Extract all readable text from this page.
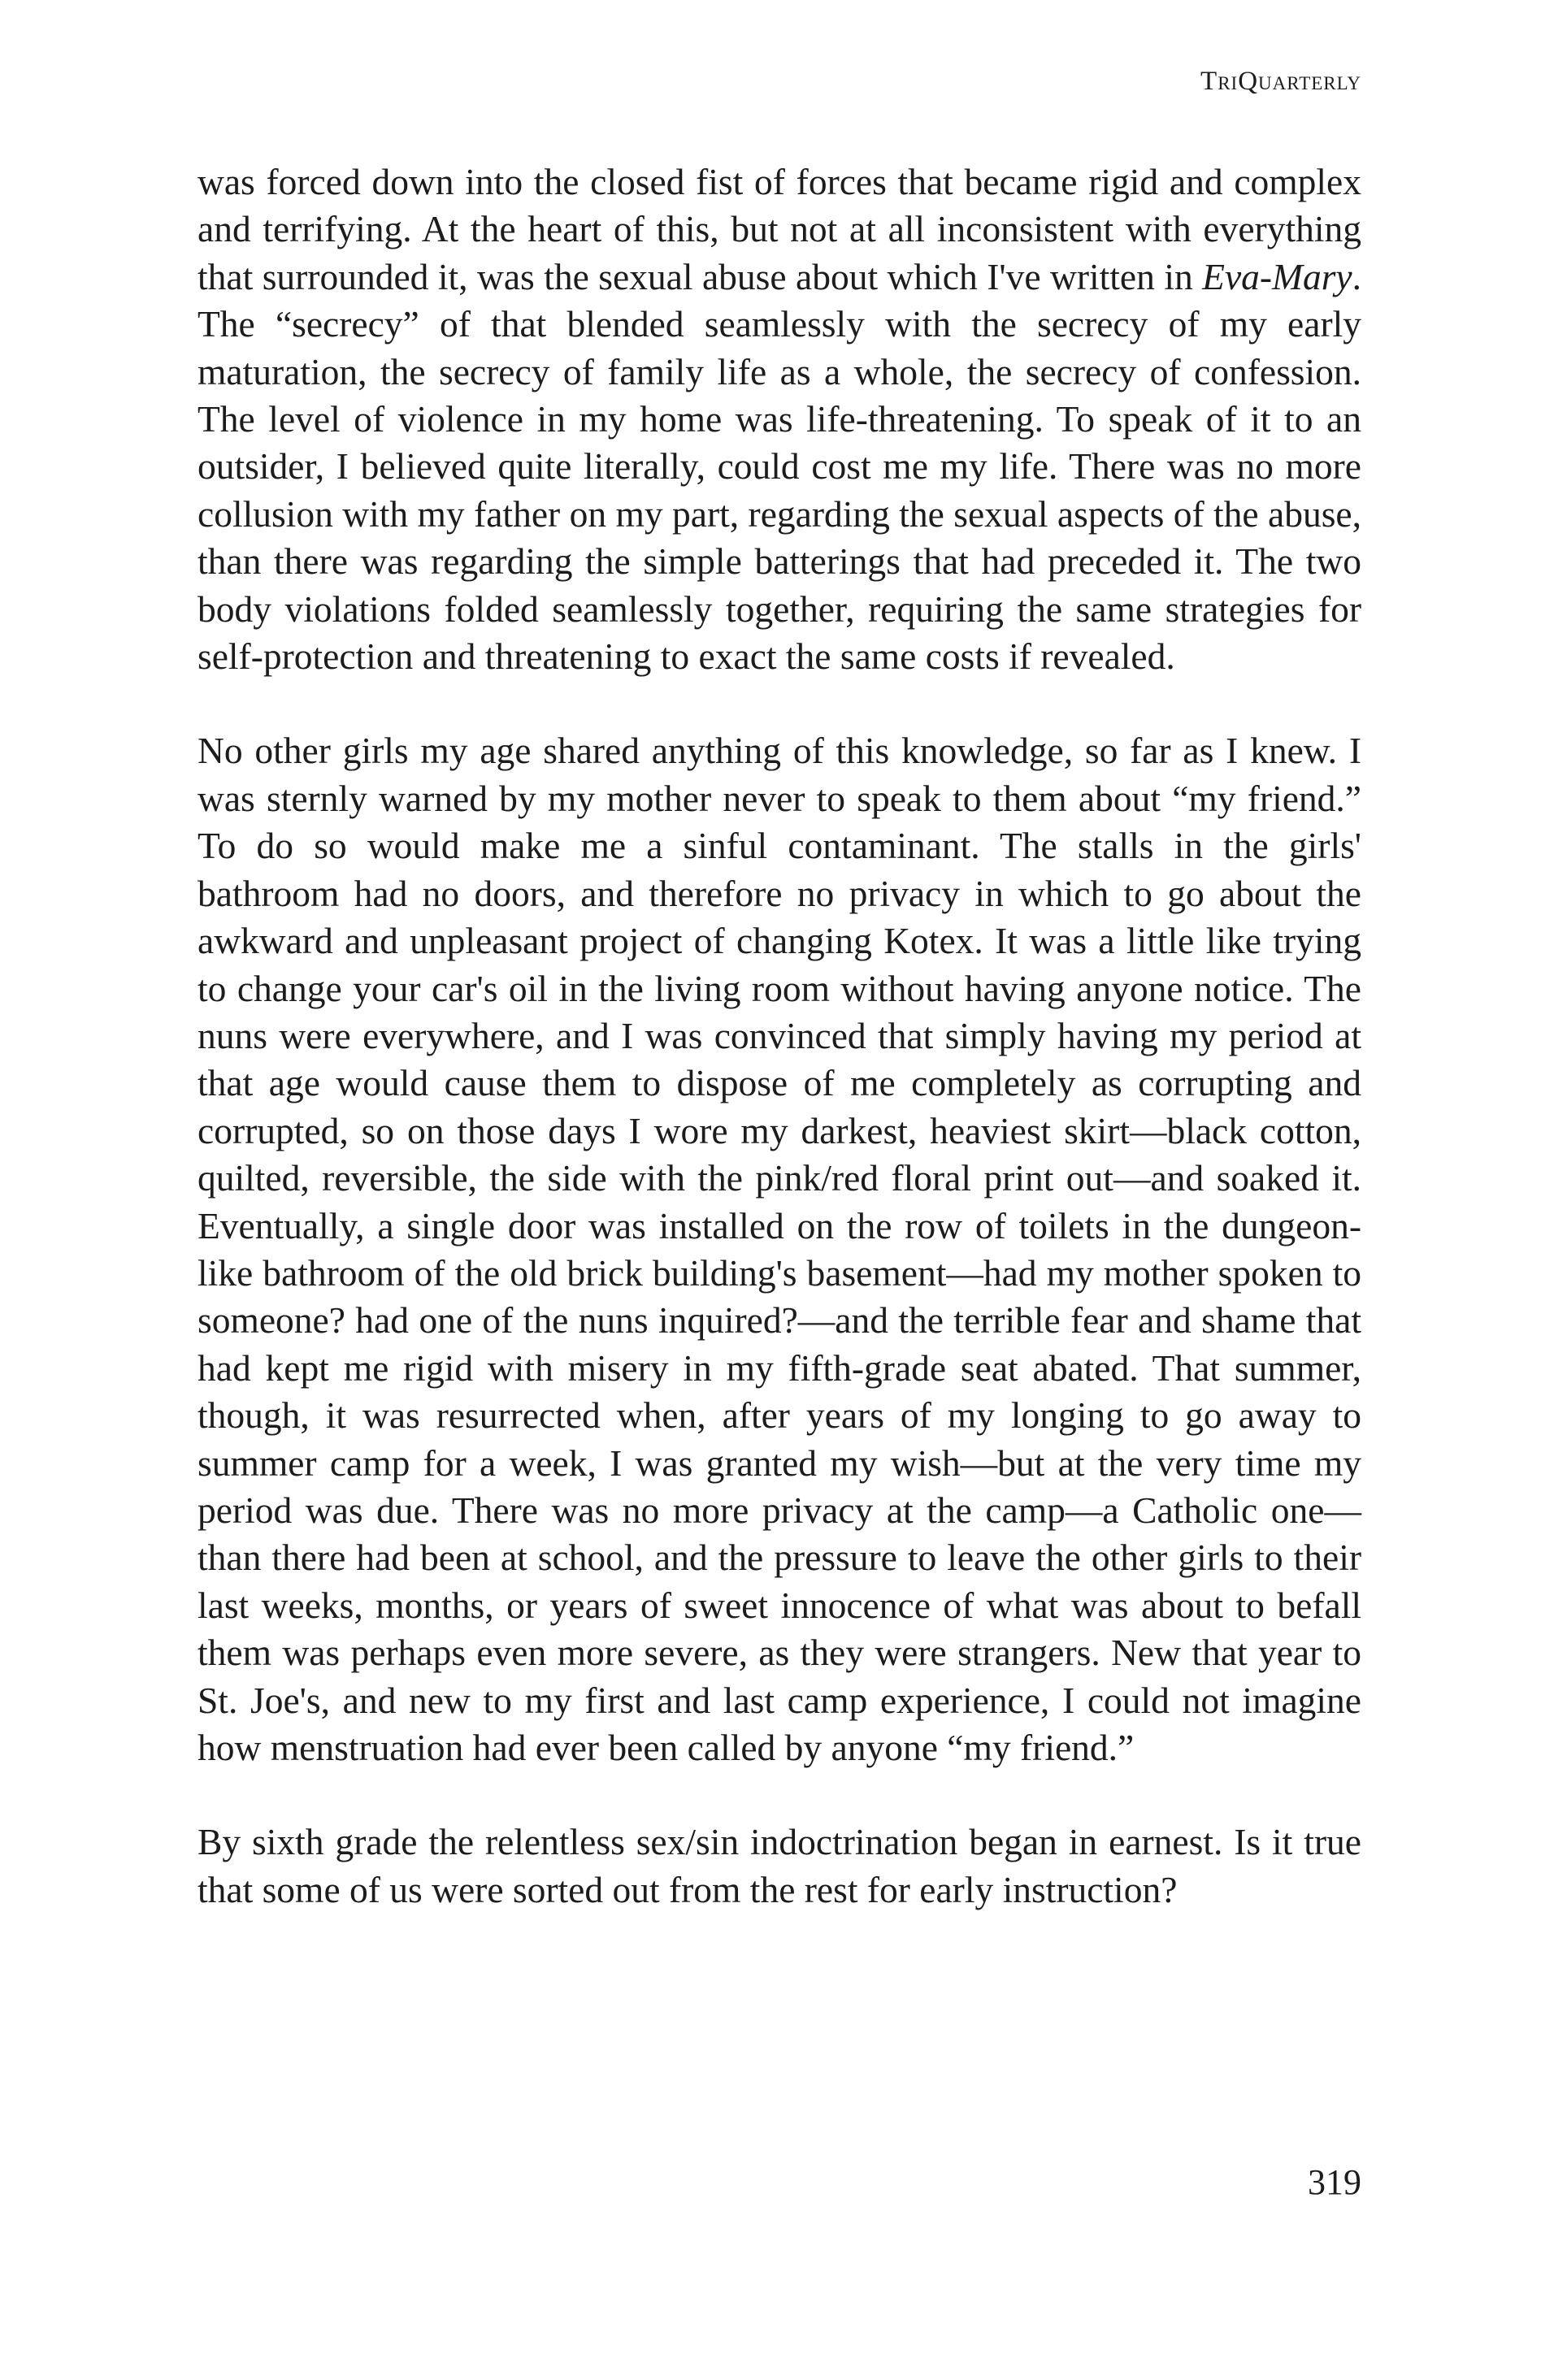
TriQuarterly

was forced down into the closed fist of forces that became rigid and complex and terrifying. At the heart of this, but not at all inconsistent with everything that surrounded it, was the sexual abuse about which I've written in Eva-Mary. The “secrecy” of that blended seamlessly with the secrecy of my early maturation, the secrecy of family life as a whole, the secrecy of confession. The level of violence in my home was life-threatening. To speak of it to an outsider, I believed quite literally, could cost me my life. There was no more collusion with my father on my part, regarding the sexual aspects of the abuse, than there was regarding the simple batterings that had preceded it. The two body violations folded seamlessly together, requiring the same strategies for self-protection and threatening to exact the same costs if revealed.

No other girls my age shared anything of this knowledge, so far as I knew. I was sternly warned by my mother never to speak to them about “my friend.” To do so would make me a sinful contaminant. The stalls in the girls' bathroom had no doors, and therefore no privacy in which to go about the awkward and unpleasant project of changing Kotex. It was a little like trying to change your car's oil in the living room without having anyone notice. The nuns were everywhere, and I was convinced that simply having my period at that age would cause them to dispose of me completely as corrupting and corrupted, so on those days I wore my darkest, heaviest skirt—black cotton, quilted, reversible, the side with the pink/red floral print out—and soaked it. Eventually, a single door was installed on the row of toilets in the dungeon-like bathroom of the old brick building's basement—had my mother spoken to someone? had one of the nuns inquired?—and the terrible fear and shame that had kept me rigid with misery in my fifth-grade seat abated. That summer, though, it was resurrected when, after years of my longing to go away to summer camp for a week, I was granted my wish—but at the very time my period was due. There was no more privacy at the camp—a Catholic one—than there had been at school, and the pressure to leave the other girls to their last weeks, months, or years of sweet innocence of what was about to befall them was perhaps even more severe, as they were strangers. New that year to St. Joe's, and new to my first and last camp experience, I could not imagine how menstruation had ever been called by anyone “my friend.”

By sixth grade the relentless sex/sin indoctrination began in earnest. Is it true that some of us were sorted out from the rest for early instruction?

319
